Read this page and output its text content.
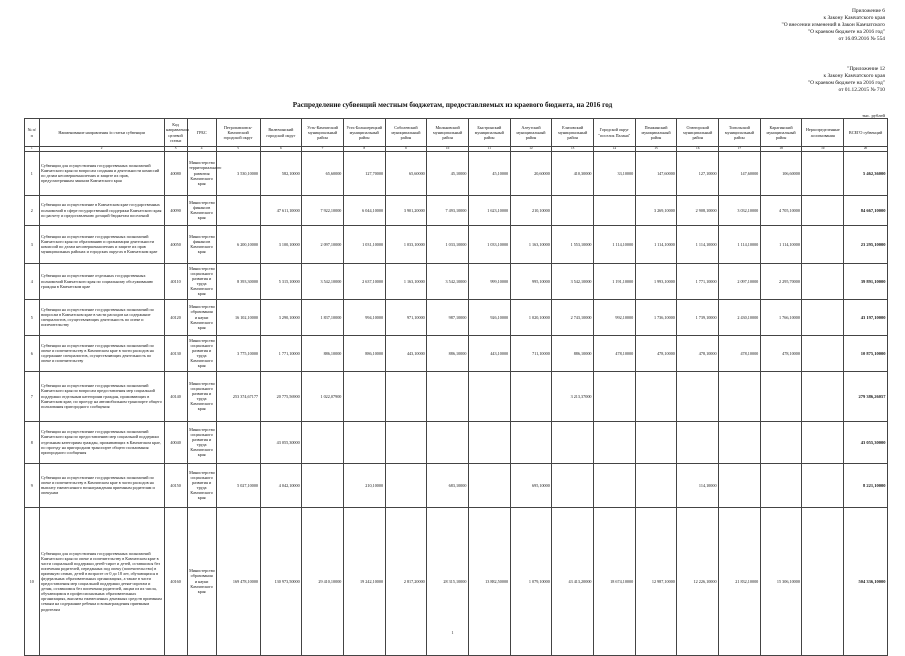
Приложение 6
к Закону Камчатского края
"О внесении изменений в Закон Камчатского
"О краевом бюджете на 2016 год"
от 16.09.2016 № 554
"Приложение 12
к Закону Камчатского края
"О краевом бюджете на 2016 год"
от 01.12.2015 № 710
Распределение субвенций местным бюджетам, предоставляемых из краевого бюджета, на 2016 год
тыс. рублей
№ п/п	Наименование направления /и статьи субвенции	Код направления целевой статьи	ГРБС	Петропавловск-Камчатский городской округ	Вилючинский городской округ	Усть-Камчатский муниципальный район	Усть-Большерецкий муниципальный район	Соболевский муниципальный район	Мильковский муниципальный район	Быстринский муниципальный район	Алеутский муниципальный район	Елизовский муниципальный район	Городской округ "поселок Палана"	Пенжинский муниципальный район	Олюторский муниципальный район	Тигильский муниципальный район	Карагинский муниципальный район	Нераспределенные ассигнования	ВСЕГО субвенций
1	2	3	4	5	6	7	8	9	10	11	12	13	14	15	16	17	18	19	20
1	Субвенции для осуществления государственных полномочий Камчатского края по вопросам создания и деятельности комиссий по делам несовершеннолетних и защите их прав, предусмотренным законом Камчатского края	40080	Министерство территориального развития Камчатского края	3 530,10000	582,10000	65,60000	127,70000	65,60000	45,10000	45,10000	20,60000	410,30000	33,10000	147,60000	127,10000	147,60000	106,60000		5 462,36000
2	Субвенции на осуществление в Камчатском крае государственных полномочий в сфере государственной поддержки Камчатского края по расчету и предоставлению дотаций бюджетам поселений	40090	Министерство финансов Камчатского края		47 611,10000	7 922,10000	6 044,10000	3 901,20000	7 493,10000	1 623,10000	210,10000			3 269,10000	2 908,10000	3 032,10000	4 705,10000		84 667,10000
3	Субвенции на осуществление государственных полномочий Камчатского края по образованию и организации деятельности комиссий по делам несовершеннолетних и защите их прав муниципальных районах и городских округах в Камчатском крае	40050	Министерство финансов Камчатского края	6 200,10000	3 100,10000	2 097,10000	1 031,10000	1 033,10000	1 033,10000	1 033,10000	1 163,10000	1 553,10000	1 114,10000	1 114,10000	1 114,10000	1 114,10000	1 114,10000		23 295,10000
4	Субвенции на осуществление отдельных государственных полномочий Камчатского края по социальному обслуживанию граждан в Камчатском крае	40110	Министерство социального развития и труда Камчатского края	8 393,30000	5 315,10000	3 542,10000	2 637,10000	1 163,10000	3 542,10000	999,10000	995,10000	3 542,10000	1 191,10000	1 993,10000	1 771,10000	2 097,10000	2 295,70000		39 891,10000
5	Субвенции на осуществление государственных полномочий по вопросам в Камчатском крае в части расходов на содержание специалистов, осуществляющих деятельность по опеке и попечительству	40120	Министерство образования и науки Камчатского края	16 102,10000	3 290,10000	1 837,10000	994,10000	971,10000	987,10000	926,10000	1 020,10000	2 743,10000	992,10000	1 736,10000	1 739,10000	2 430,10000	1 766,10000		43 197,10000
6	Субвенции на осуществление государственных полномочий по опеке и попечительству в Камчатском крае в части расходов на содержание специалистов, осуществляющих деятельность по опеке и попечительству	40130	Министерство социального развития и труда Камчатского края	3 775,10000	1 771,10000	886,10000	886,10000	443,10000	886,10000	443,10000	711,10000	886,10000	478,10000	478,10000	478,10000	478,10000	478,10000		10 875,10000
7	Субвенции на осуществление государственных полномочий Камчатского края по вопросам предоставления мер социальной поддержки отдельным категориям граждан, проживающих в Камчатском крае, по проезду на автомобильном транспорте общего пользования пригородного сообщения	40140	Министерство социального развития и труда Камчатского края	253 374,67177	20 775,56900	1 022,07900						3 213,37000							279 386,26057
8	Субвенции на осуществление государственных полномочий Камчатского края по предоставлению мер социальной поддержки отдельным категориям граждан, проживающих в Камчатском крае, по проезду на пригородном транспорте общего пользования пригородного сообщения	40040	Министерство социального развития и труда Камчатского края		43 055,30000														43 055,30000
9	Субвенции на осуществление государственных полномочий по опеке и попечительству в Камчатском крае в части расходов на выплату ежемесячного вознаграждения приемным родителям и опекунам	40150	Министерство социального развития и труда Камчатского края	5 027,10000	4 042,10000		210,10000		683,10000		695,10000				114,10000				8 221,10000
10	Субвенции для осуществления государственных полномочий Камчатского края по опеке и попечительству в Камчатском крае в части социальной поддержки детей-сирот и детей, оставшихся без попечения родителей, переданных под опеку (попечительство) в приемную семью, детей в возрасте от 0 до 18 лет, обучающихся в федеральных образовательных организациях, а также в части предоставления мер социальной поддержки детям-сиротам и детям, оставшимся без попечения родителей, лицам из их числа, обучающимся в профессиональных образовательных организациях, выплаты ежемесячных денежных средств приемным семьям на содержание ребенка и вознаграждения приемным родителям	40160	Министерство образования и науки Камчатского края	169 478,10000	130 973,50000	29 410,10000	19 242,10000	2 817,20000	28 315,10000	13 882,50000	1 079,10000	43 413,20000	18 674,10000	12 987,10000	12 226,10000	21 832,10000	15 306,10000		504 336,10000
1
